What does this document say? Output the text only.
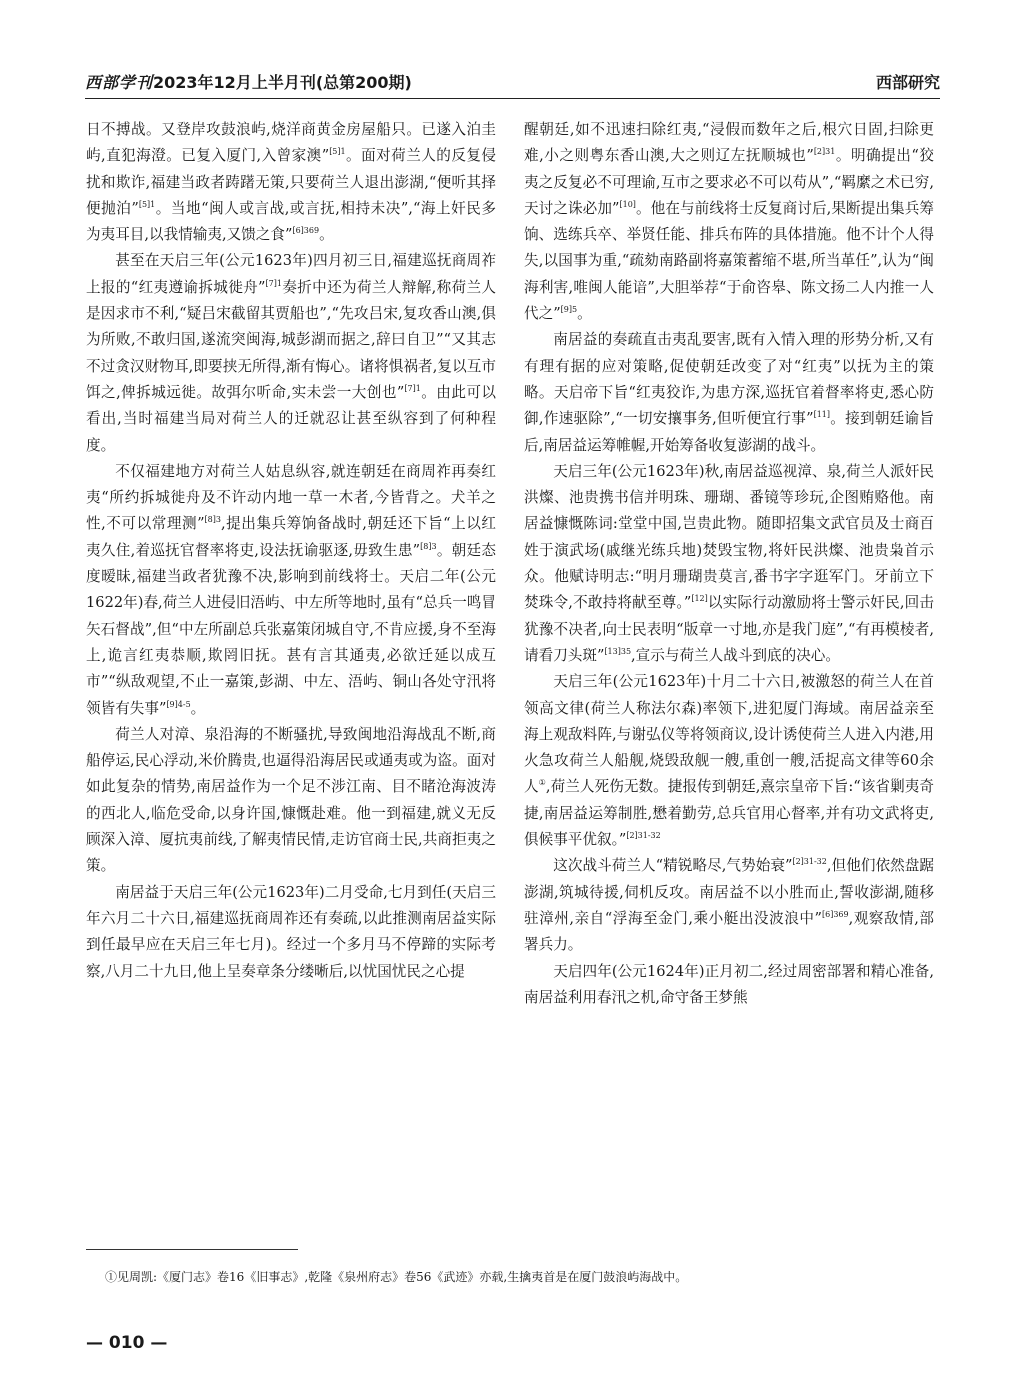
西部学刊2023年12月上半月刊(总第200期)	西部研究

日不搏战。又登岸攻鼓浪屿,烧洋商黄金房屋船只。已遂入泊圭屿,直犯海澄。已复入厦门,入曾家澳”$^{[5]1}$。面对荷兰人的反复侵扰和欺诈,福建当政者踌躇无策,只要荷兰人退出澎湖,“便听其择便抛泊”$^{[5]1}$。当地“闽人或言战,或言抚,相持未决”,“海上奸民多为夷耳目,以我情输夷,又馈之食”$^{[6]369}$。

甚至在天启三年(公元1623年)四月初三日,福建巡抚商周祚上报的“红夷遵谕拆城徙舟”$^{[7]1}$奏折中还为荷兰人辩解,称荷兰人是因求市不利,“疑吕宋截留其贾船也”,“先攻吕宋,复攻香山澳,俱为所败,不敢归国,遂流突闽海,城彭湖而据之,辞曰自卫”“又其志不过贪汉财物耳,即要挟无所得,渐有悔心。诸将惧祸者,复以互市饵之,俾拆城远徙。故弭尔听命,实未尝一大创也”$^{[7]1}$。由此可以看出,当时福建当局对荷兰人的迁就忍让甚至纵容到了何种程度。

不仅福建地方对荷兰人姑息纵容,就连朝廷在商周祚再奏红夷“所约拆城徙舟及不许动内地一草一木者,今皆背之。犬羊之性,不可以常理测”$^{[8]3}$,提出集兵筹饷备战时,朝廷还下旨“上以红夷久住,着巡抚官督率将吏,设法抚谕驱逐,毋致生患”$^{[8]3}$。朝廷态度暧昧,福建当政者犹豫不决,影响到前线将士。天启二年(公元1622年)春,荷兰人进侵旧浯屿、中左所等地时,虽有“总兵一鸣冒矢石督战”,但“中左所副总兵张嘉策闭城自守,不肯应援,身不至海上,诡言红夷恭顺,欺罔旧抚。甚有言其通夷,必欲迁延以成互市”“纵敌观望,不止一嘉策,彭湖、中左、浯屿、铜山各处守汛将领皆有失事”$^{[9]4-5}$。

荷兰人对漳、泉沿海的不断骚扰,导致闽地沿海战乱不断,商船停运,民心浮动,米价腾贵,也逼得沿海居民或通夷或为盗。面对如此复杂的情势,南居益作为一个足不涉江南、目不睹沧海波涛的西北人,临危受命,以身许国,慷慨赴难。他一到福建,就义无反顾深入漳、厦抗夷前线,了解夷情民情,走访官商士民,共商拒夷之策。

南居益于天启三年(公元1623年)二月受命,七月到任(天启三年六月二十六日,福建巡抚商周祚还有奏疏,以此推测南居益实际到任最早应在天启三年七月)。经过一个多月马不停蹄的实际考察,八月二十九日,他上呈奏章条分缕晰后,以忧国忧民之心提

醒朝廷,如不迅速扫除红夷,“浸假而数年之后,根穴日固,扫除更难,小之则粤东香山澳,大之则辽左抚顺城也”$^{[2]31}$。明确提出“狡夷之反复必不可理谕,互市之要求必不可以苟从”,“羁縻之术已穷,天讨之诛必加”[10]。他在与前线将士反复商讨后,果断提出集兵筹饷、选练兵卒、举贤任能、排兵布阵的具体措施。他不计个人得失,以国事为重,“疏劾南路副将嘉策蓄缩不堪,所当革任”,认为“闽海利害,唯闽人能谙”,大胆举荐“于俞咨皋、陈文扬二人内推一人代之”$^{[9]5}$。

南居益的奏疏直击夷乱要害,既有入情入理的形势分析,又有有理有据的应对策略,促使朝廷改变了对“红夷”以抚为主的策略。天启帝下旨“红夷狡诈,为患方深,巡抚官着督率将吏,悉心防御,作速驱除”,“一切安攘事务,但听便宜行事”[11]。接到朝廷谕旨后,南居益运筹帷幄,开始筹备收复澎湖的战斗。

天启三年(公元1623年)秋,南居益巡视漳、泉,荷兰人派奸民洪燦、池贵携书信并明珠、珊瑚、番镜等珍玩,企图贿赂他。南居益慷慨陈词:堂堂中国,岂贵此物。随即招集文武官员及士商百姓于演武场(戚继光练兵地)焚毁宝物,将奸民洪燦、池贵枭首示众。他赋诗明志:“明月珊瑚贵莫言,番书字字逛军门。牙前立下焚珠令,不敢持将献至尊。”[12]以实际行动激励将士警示奸民,回击犹豫不决者,向士民表明“版章一寸地,亦是我门庭”,“有再模棱者,请看刀头斑”$^{[13]35}$,宣示与荷兰人战斗到底的决心。

天启三年(公元1623年)十月二十六日,被激怒的荷兰人在首领高文律(荷兰人称法尔森)率领下,进犯厦门海域。南居益亲至海上观敌料阵,与谢弘仪等将领商议,设计诱使荷兰人进入内港,用火急攻荷兰人船舰,烧毁敌舰一艘,重创一艘,活捉高文律等60余人①,荷兰人死伤无数。捷报传到朝廷,熹宗皇帝下旨:“该省剿夷奇捷,南居益运筹制胜,懋着勤劳,总兵官用心督率,并有功文武将吏,俱候事平优叙。”$^{[2]31-32}$

这次战斗荷兰人“精锐略尽,气势始衰”$^{[2]31-32}$,但他们依然盘踞澎湖,筑城待援,伺机反攻。南居益不以小胜而止,誓收澎湖,随移驻漳州,亲自“浮海至金门,乘小艇出没波浪中”$^{[6]369}$,观察敌情,部署兵力。

天启四年(公元1624年)正月初二,经过周密部署和精心准备,南居益利用春汛之机,命守备王梦熊

①见周凯:《厦门志》卷16《旧事志》,乾隆《泉州府志》卷56《武迹》亦载,生擒夷首是在厦门鼓浪屿海战中。
— 010 —
